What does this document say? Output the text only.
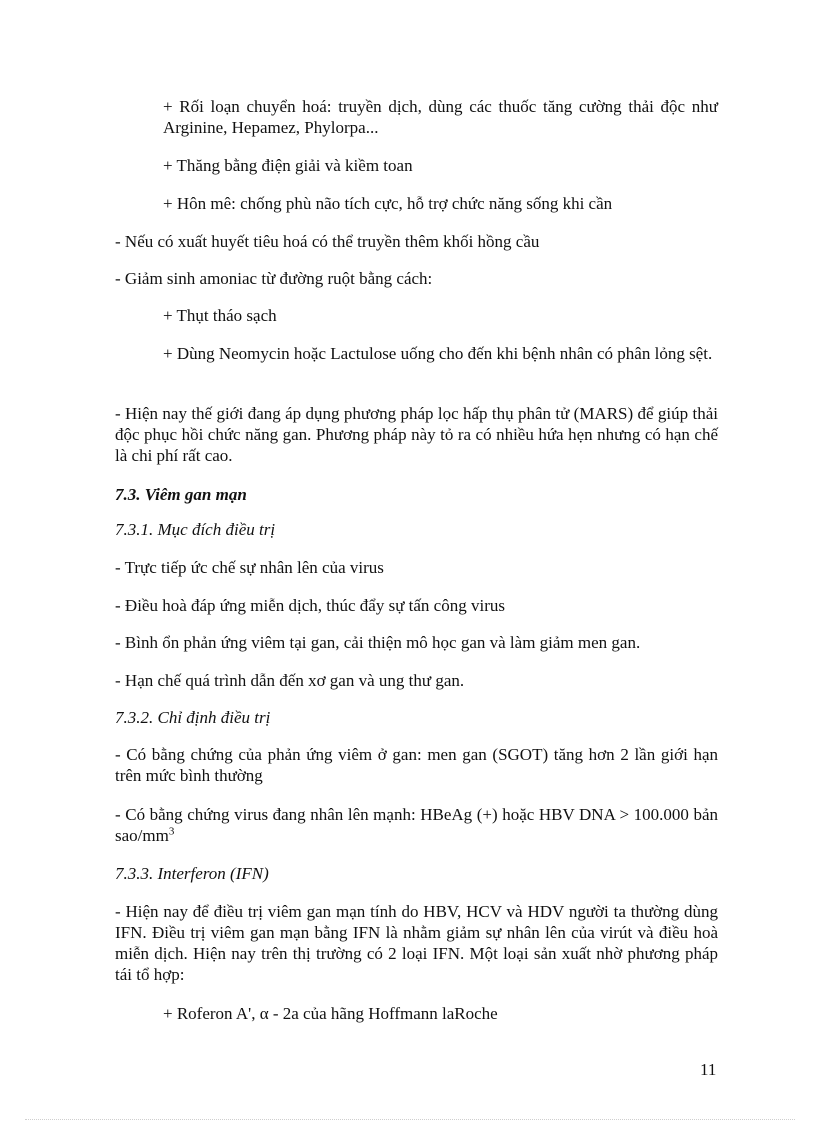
+ Rối loạn chuyển hoá: truyền dịch, dùng các thuốc tăng cường thải độc như Arginine, Hepamez, Phylorpa...

+ Thăng bằng điện giải và kiềm toan

+ Hôn mê: chống phù não tích cực, hỗ trợ chức năng sống khi cần

- Nếu có xuất huyết tiêu hoá có thể truyền thêm khối hồng cầu

- Giảm sinh amoniac từ đường ruột bằng cách:

+ Thụt tháo sạch

+ Dùng Neomycin hoặc Lactulose uống cho đến khi bệnh nhân có phân lỏng sệt.

- Hiện nay thế giới đang áp dụng phương pháp lọc hấp thụ phân tử (MARS) để giúp thải độc phục hồi chức năng gan. Phương pháp này tỏ ra có nhiều hứa hẹn nhưng có hạn chế là chi phí rất cao.

7.3. Viêm gan mạn

7.3.1. Mục đích điều trị

- Trực tiếp ức chế sự nhân lên của virus

- Điều hoà đáp ứng miễn dịch, thúc đẩy sự tấn công virus

- Bình ổn phản ứng viêm tại gan, cải thiện mô học gan và làm giảm men gan.

- Hạn chế quá trình dẫn đến xơ gan và ung thư gan.

7.3.2. Chỉ định điều trị

- Có bằng chứng của phản ứng viêm ở gan: men gan (SGOT) tăng hơn 2 lần giới hạn trên mức bình thường

- Có bằng chứng virus đang nhân lên mạnh: HBeAg (+) hoặc HBV DNA > 100.000 bản sao/$mm^3$

7.3.3. Interferon (IFN)

- Hiện nay để điều trị viêm gan mạn tính do HBV, HCV và HDV người ta thường dùng IFN. Điều trị viêm gan mạn bằng IFN là nhằm giảm sự nhân lên của virút và điều hoà miễn dịch. Hiện nay trên thị trường có 2 loại IFN. Một loại sản xuất nhờ phương pháp tái tổ hợp:

+ Roferon A', α - 2a của hãng Hoffmann laRoche

11
